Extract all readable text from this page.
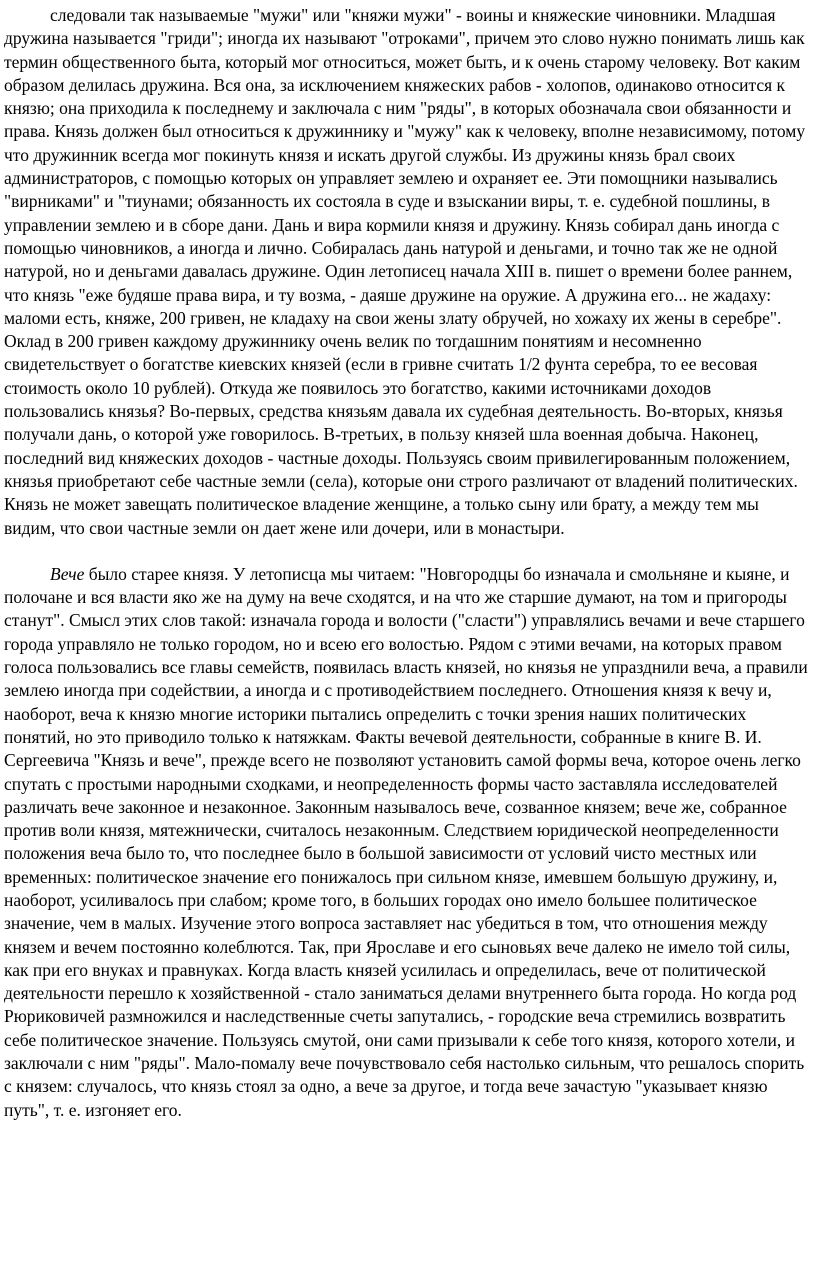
следовали так называемые "мужи" или "княжи мужи" - воины и княжеские чиновники. Младшая дружина называется "гриди"; иногда их называют "отроками", причем это слово нужно понимать лишь как термин общественного быта, который мог относиться, может быть, и к очень старому человеку. Вот каким образом делилась дружина. Вся она, за исключением княжеских рабов - холопов, одинаково относится к князю; она приходила к последнему и заключала с ним "ряды", в которых обозначала свои обязанности и права. Князь должен был относиться к дружиннику и "мужу" как к человеку, вполне независимому, потому что дружинник всегда мог покинуть князя и искать другой службы. Из дружины князь брал своих администраторов, с помощью которых он управляет землею и охраняет ее. Эти помощники назывались "вирниками" и "тиунами; обязанность их состояла в суде и взыскании виры, т. е. судебной пошлины, в управлении землею и в сборе дани. Дань и вира кормили князя и дружину. Князь собирал дань иногда с помощью чиновников, а иногда и лично. Собиралась дань натурой и деньгами, и точно так же не одной натурой, но и деньгами давалась дружине. Один летописец начала XIII в. пишет о времени более раннем, что князь "еже будяше права вира, и ту возма, - даяше дружине на оружие. А дружина его... не жадаху: маломи есть, княже, 200 гривен, не кладаху на свои жены злату обручей, но хожаху их жены в серебре". Оклад в 200 гривен каждому дружиннику очень велик по тогдашним понятиям и несомненно свидетельствует о богатстве киевских князей (если в гривне считать 1/2 фунта серебра, то ее весовая стоимость около 10 рублей). Откуда же появилось это богатство, какими источниками доходов пользовались князья? Во-первых, средства князьям давала их судебная деятельность. Во-вторых, князья получали дань, о которой уже говорилось. В-третьих, в пользу князей шла военная добыча. Наконец, последний вид княжеских доходов - частные доходы. Пользуясь своим привилегированным положением, князья приобретают себе частные земли (села), которые они строго различают от владений политических. Князь не может завещать политическое владение женщине, а только сыну или брату, а между тем мы видим, что свои частные земли он дает жене или дочери, или в монастыри.

Вече было старее князя. У летописца мы читаем: "Новгородцы бо изначала и смольняне и кыяне, и полочане и вся власти яко же на думу на вече сходятся, и на что же старшие думают, на том и пригороды станут". Смысл этих слов такой: изначала города и волости ("сласти") управлялись вечами и вече старшего города управляло не только городом, но и всею его волостью. Рядом с этими вечами, на которых правом голоса пользовались все главы семейств, появилась власть князей, но князья не упразднили веча, а правили землею иногда при содействии, а иногда и с противодействием последнего. Отношения князя к вечу и, наоборот, веча к князю многие историки пытались определить с точки зрения наших политических понятий, но это приводило только к натяжкам. Факты вечевой деятельности, собранные в книге В. И. Сергеевича "Князь и вече", прежде всего не позволяют установить самой формы веча, которое очень легко спутать с простыми народными сходками, и неопределенность формы часто заставляла исследователей различать вече законное и незаконное. Законным называлось вече, созванное князем; вече же, собранное против воли князя, мятежнически, считалось незаконным. Следствием юридической неопределенности положения веча было то, что последнее было в большой зависимости от условий чисто местных или временных: политическое значение его понижалось при сильном князе, имевшем большую дружину, и, наоборот, усиливалось при слабом; кроме того, в больших городах оно имело большее политическое значение, чем в малых. Изучение этого вопроса заставляет нас убедиться в том, что отношения между князем и вечем постоянно колеблются. Так, при Ярославе и его сыновьях вече далеко не имело той силы, как при его внуках и правнуках. Когда власть князей усилилась и определилась, вече от политической деятельности перешло к хозяйственной - стало заниматься делами внутреннего быта города. Но когда род Рюриковичей размножился и наследственные счеты запутались, - городские веча стремились возвратить себе политическое значение. Пользуясь смутой, они сами призывали к себе того князя, которого хотели, и заключали с ним "ряды". Мало-помалу вече почувствовало себя настолько сильным, что решалось спорить с князем: случалось, что князь стоял за одно, а вече за другое, и тогда вече зачастую "указывает князю путь", т. е. изгоняет его.
